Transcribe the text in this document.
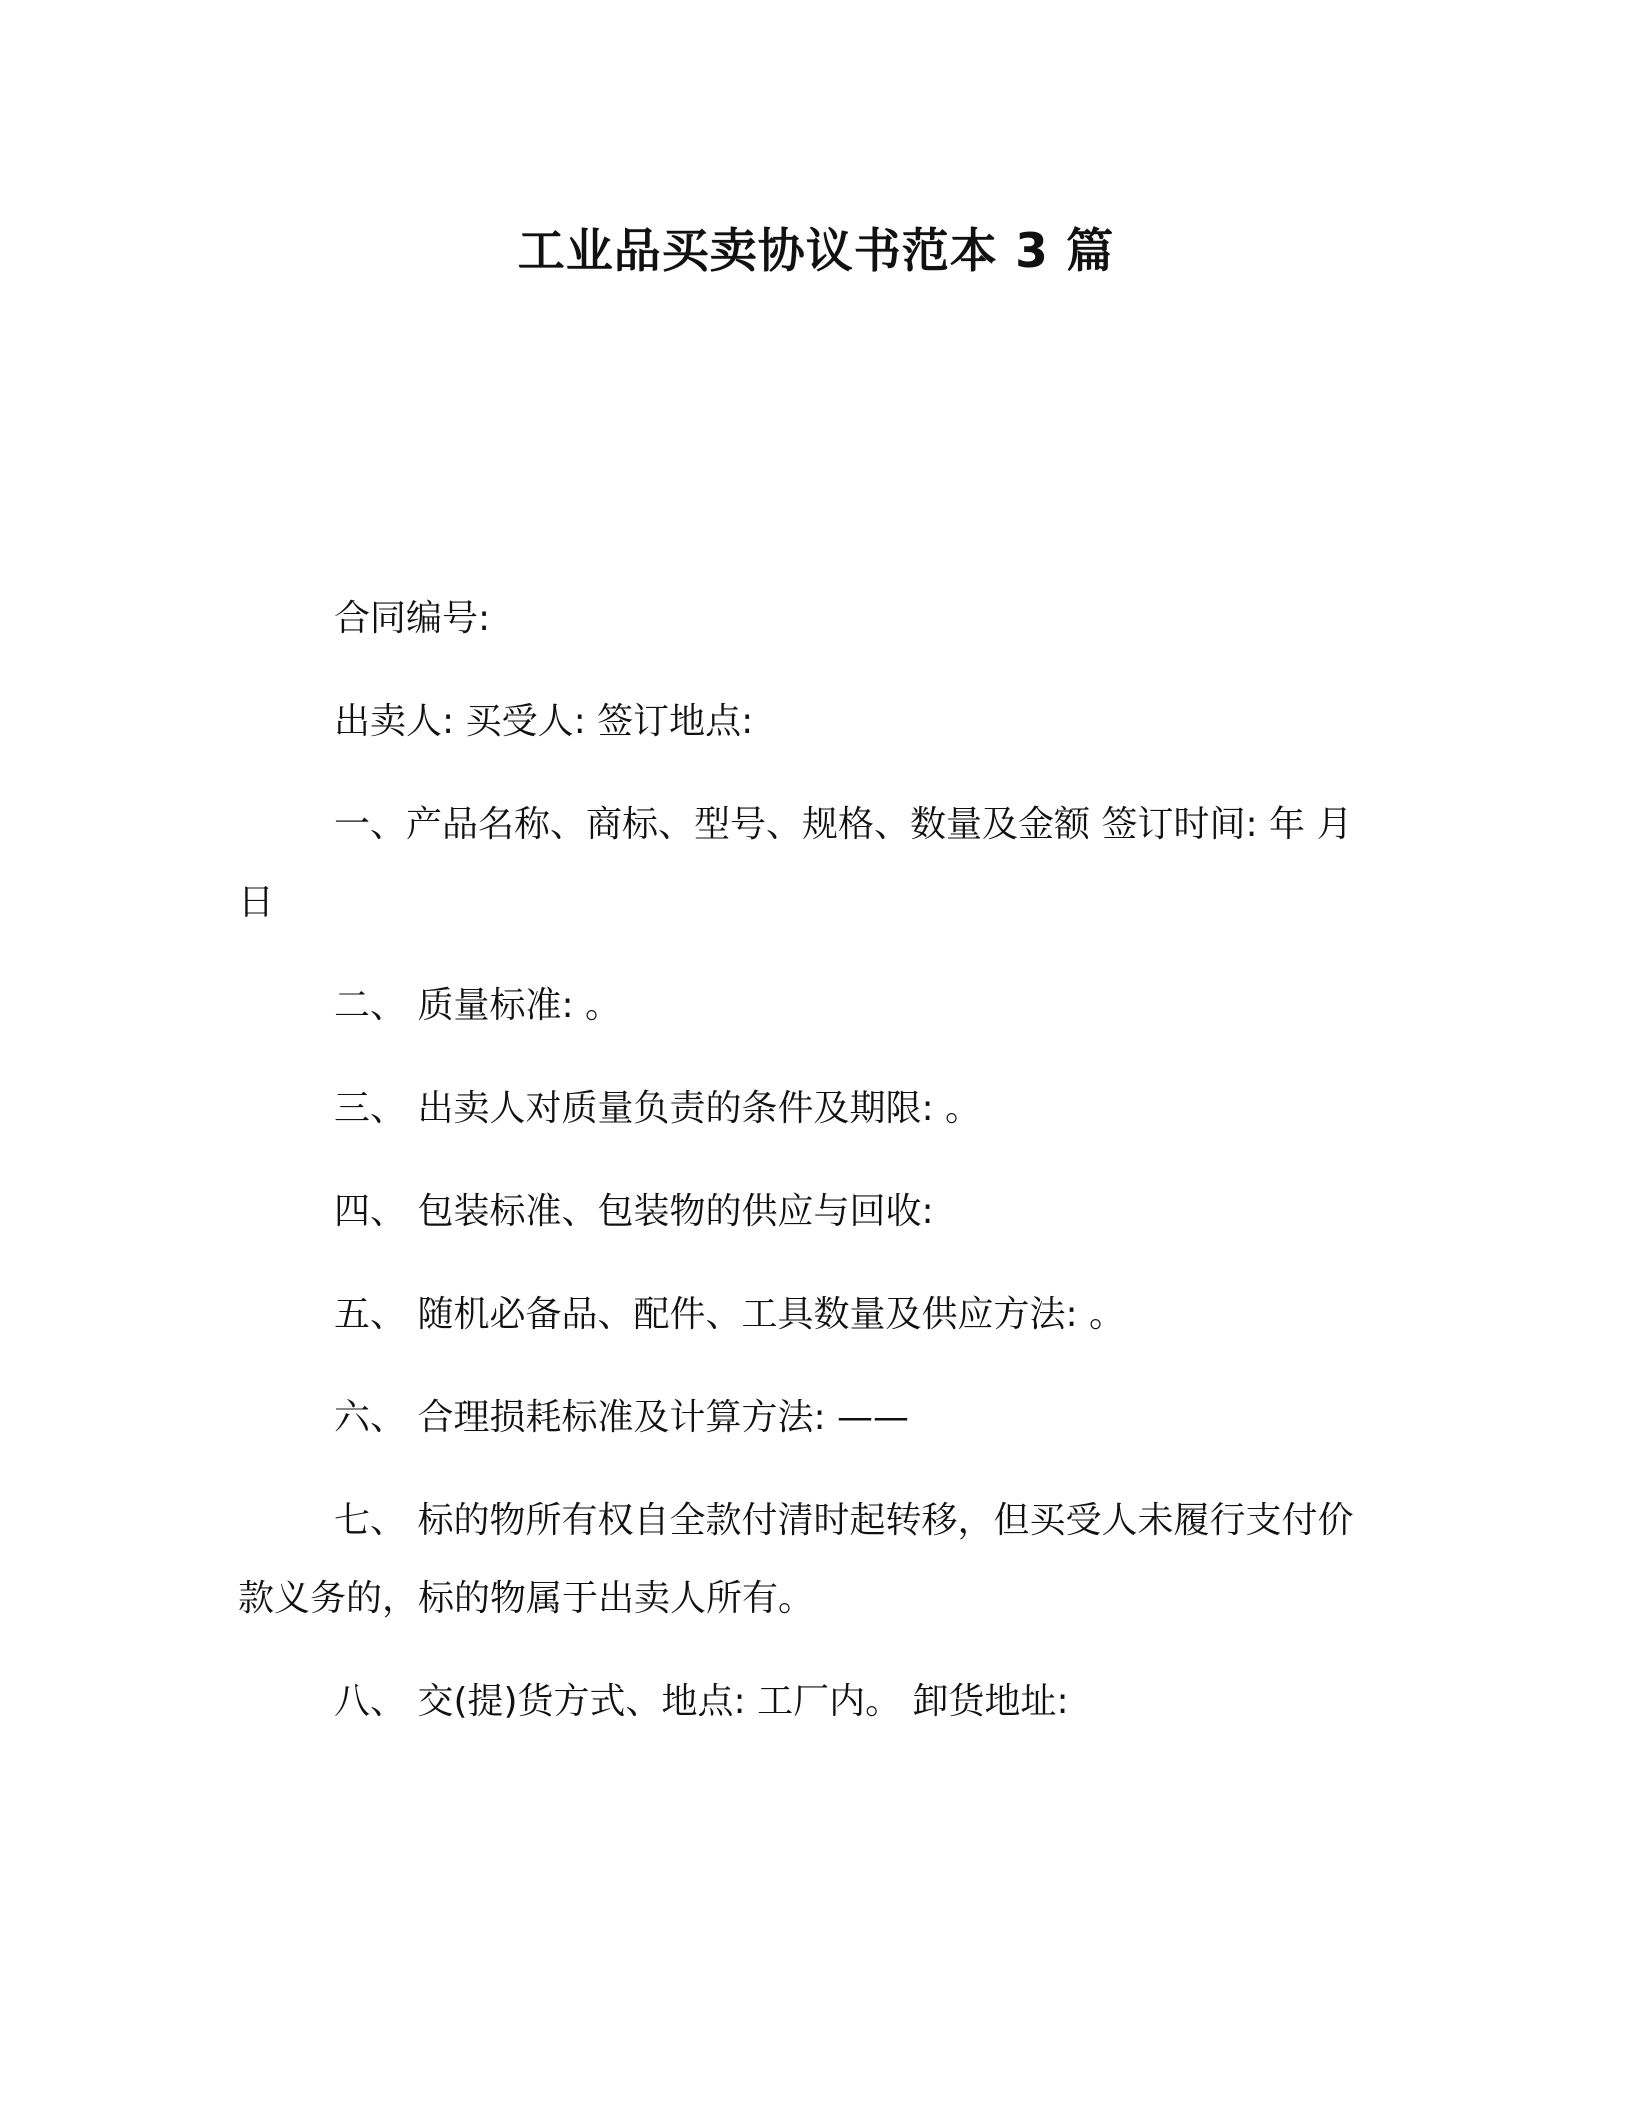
工业品买卖协议书范本 3 篇

合同编号:

出卖人: 买受人: 签订地点:

一、产品名称、商标、型号、规格、数量及金额 签订时间: 年 月 日

二、 质量标准: 。

三、 出卖人对质量负责的条件及期限: 。

四、 包装标准、包装物的供应与回收:

五、 随机必备品、配件、工具数量及供应方法: 。

六、 合理损耗标准及计算方法: ——

七、 标的物所有权自全款付清时起转移，但买受人未履行支付价款义务的，标的物属于出卖人所有。

八、 交(提)货方式、地点: 工厂内。 卸货地址:
